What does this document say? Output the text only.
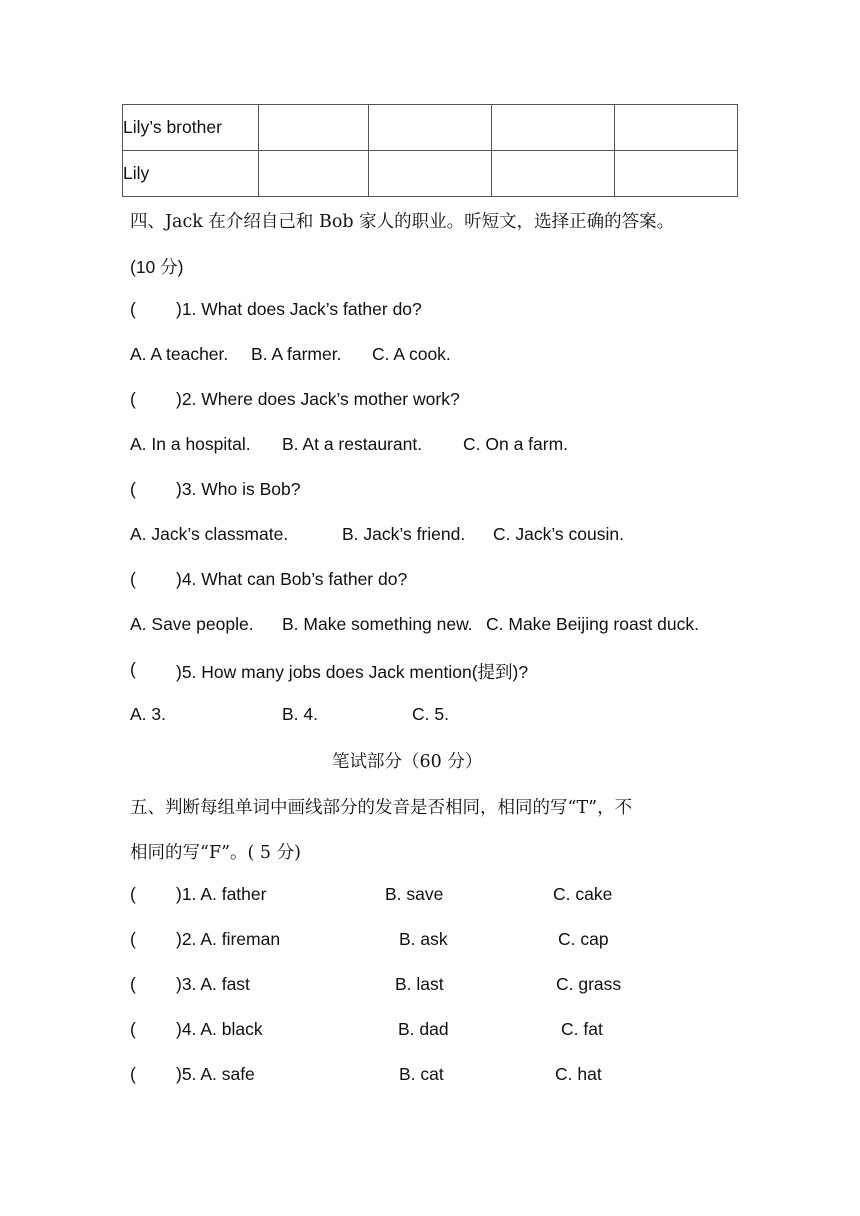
Lily’s brother				
Lily				
四、Jack 在介绍自己和 Bob 家人的职业。听短文，选择正确的答案。
(10 分)
( )1. What does Jack’s father do?
A. A teacher. B. A farmer. C. A cook.
( )2. Where does Jack’s mother work?
A. In a hospital. B. At a restaurant. C. On a farm.
( )3. Who is Bob?
A. Jack’s classmate.	B. Jack’s friend. C. Jack’s cousin.
( )4. What can Bob’s father do?
A. Save people. B. Make something new. C. Make Beijing roast duck.
( )5. How many jobs does Jack mention(提到)?
A. 3.	B. 4.	C. 5.
笔试部分（60 分）
五、判断每组单词中画线部分的发音是否相同，相同的写“T”，不
相同的写“F”。( 5 分)
( )1. A. father	B. save	C. cake
( )2. A. fireman	B. ask	C. cap
( )3. A. fast	B. last	C. grass
( )4. A. black	B. dad	C. fat
( )5. A. safe	B. cat	C. hat
